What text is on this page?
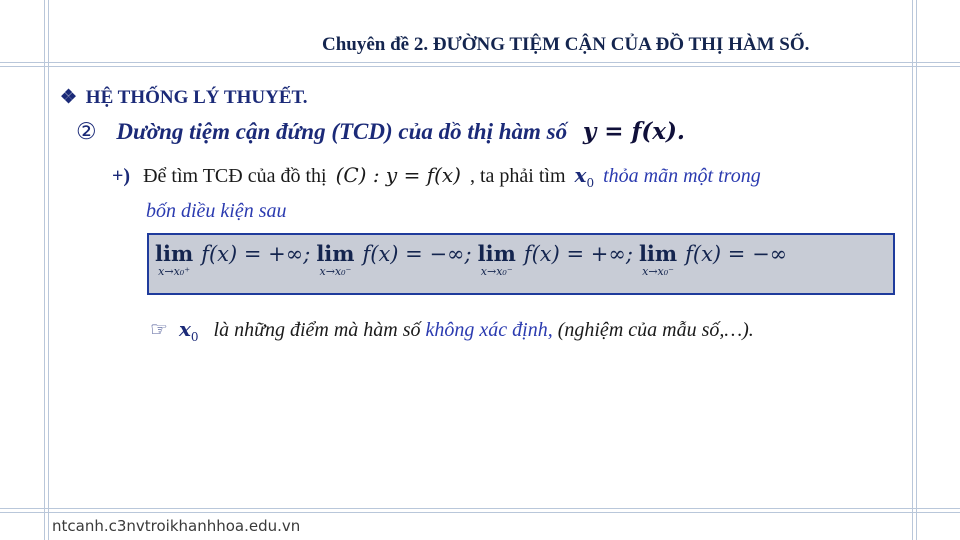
Chuyên đề 2. ĐƯỜNG TIỆM CẬN CỦA ĐỒ THỊ HÀM SỐ.
❖ HỆ THỐNG LÝ THUYẾT.
② Dường tiệm cận đứng (TCD) của dồ thị hàm số y = f(x).
+) Để tìm TCĐ của đồ thị (C) : y = f(x) , ta phải tìm $x_0$ thỏa mãn một trong
bốn diều kiện sau
lim
x→x₀⁺
f(x) = +∞; lim
x→x₀⁻
f(x) = −∞; lim
x→x₀⁻
f(x) = +∞; lim
x→x₀⁻
f(x) = −∞
☞ $x_0$ là những điểm mà hàm số không xác định, (nghiệm của mẫu số,…).
ntcanh.c3nvtroikhanhhoa.edu.vn
